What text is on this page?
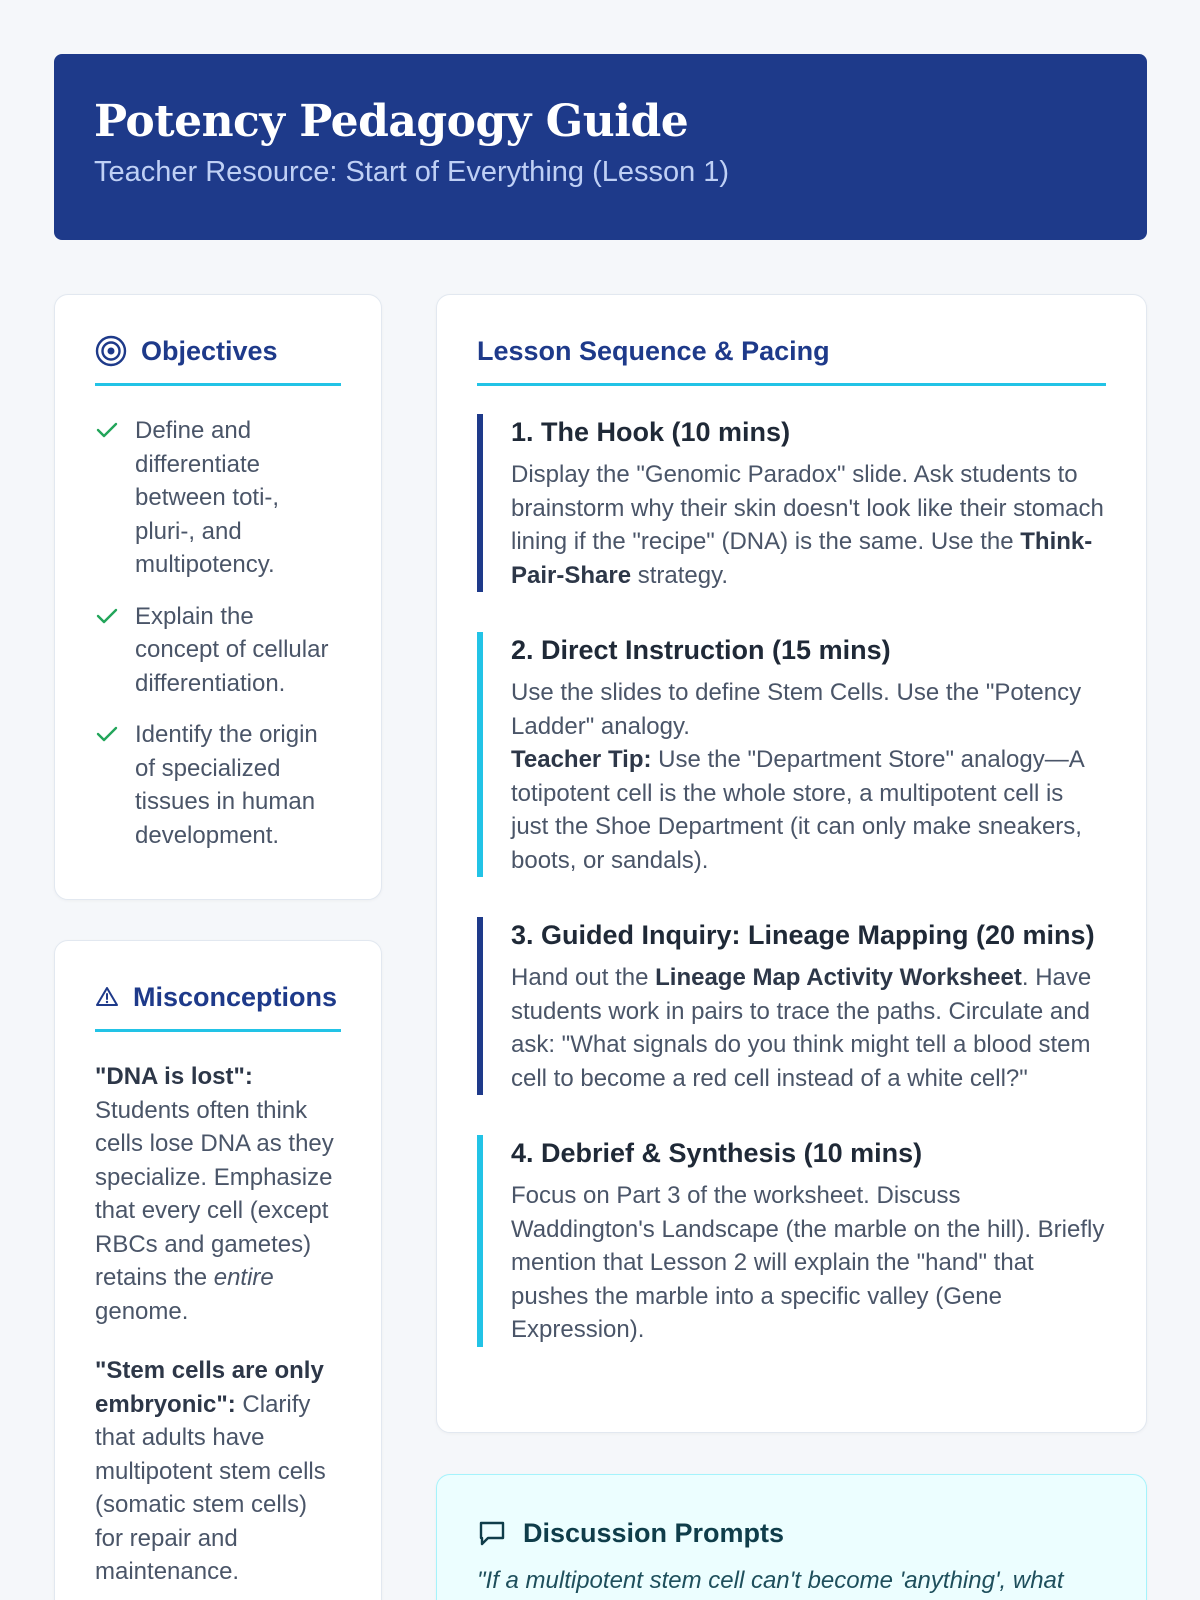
Potency Pedagogy Guide
Teacher Resource: Start of Everything (Lesson 1)
Objectives
Define and differentiate between toti-, pluri-, and multipotency.
Explain the concept of cellular differentiation.
Identify the origin of specialized tissues in human development.
Misconceptions

"DNA is lost": Students often think cells lose DNA as they specialize. Emphasize that every cell (except RBCs and gametes) retains the entire genome.

"Stem cells are only embryonic": Clarify that adults have multipotent stem cells (somatic stem cells) for repair and maintenance.

Lesson Sequence & Pacing
1. The Hook (10 mins)
Display the "Genomic Paradox" slide. Ask students to brainstorm why their skin doesn't look like their stomach lining if the "recipe" (DNA) is the same. Use the Think-Pair-Share strategy.
2. Direct Instruction (15 mins)
Use the slides to define Stem Cells. Use the "Potency Ladder" analogy.
Teacher Tip: Use the "Department Store" analogy—A totipotent cell is the whole store, a multipotent cell is just the Shoe Department (it can only make sneakers, boots, or sandals).
3. Guided Inquiry: Lineage Mapping (20 mins)
Hand out the Lineage Map Activity Worksheet. Have students work in pairs to trace the paths. Circulate and ask: "What signals do you think might tell a blood stem cell to become a red cell instead of a white cell?"
4. Debrief & Synthesis (10 mins)
Focus on Part 3 of the worksheet. Discuss Waddington's Landscape (the marble on the hill). Briefly mention that Lesson 2 will explain the "hand" that pushes the marble into a specific valley (Gene Expression).
Discussion Prompts
"If a multipotent stem cell can't become 'anything', what
